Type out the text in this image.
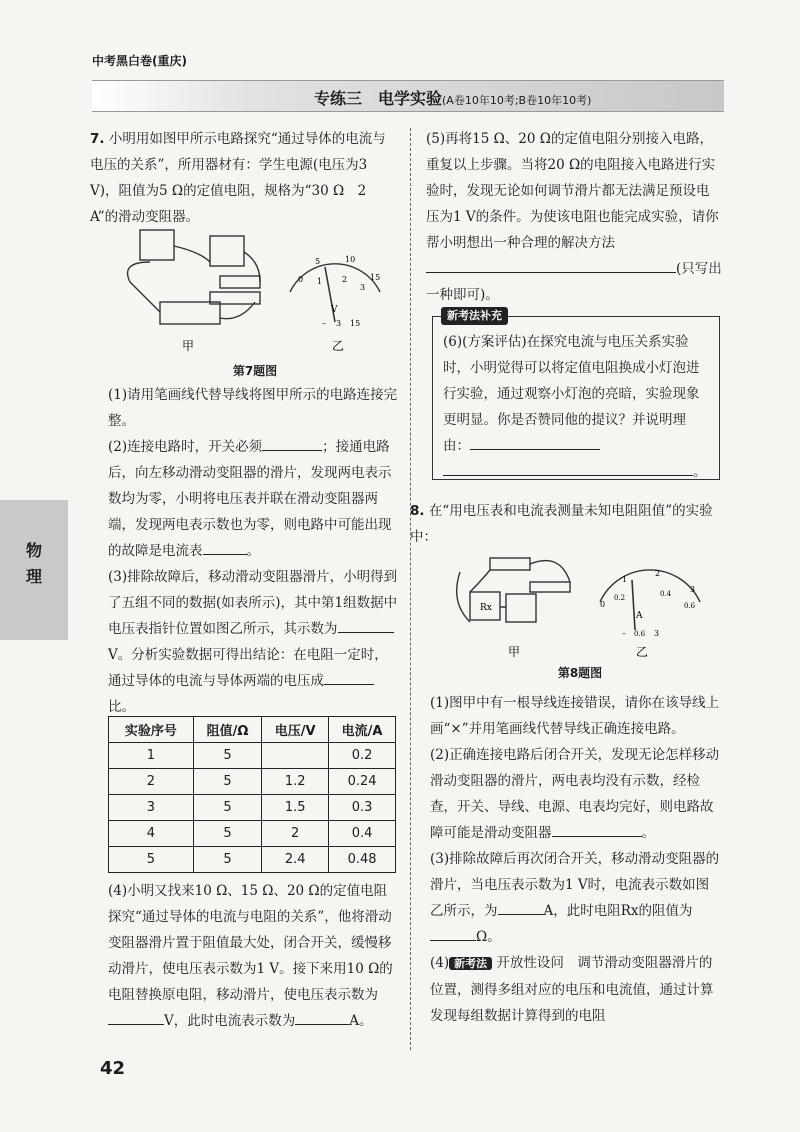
中考黑白卷(重庆)
专练三　电学实验(A卷10年10考;B卷10年10考)
物
理

7. 小明用如图甲所示电路探究“通过导体的电流与电压的关系”，所用器材有：学生电源(电压为3 V)，阻值为5 Ω的定值电阻，规格为“30 Ω　2 A”的滑动变阻器。

0
5	10
15
1 2
3
V
– 3 15
甲	乙
第7题图

(1)请用笔画线代替导线将图甲所示的电路连接完整。

(2)连接电路时，开关必须	；接通电路后，向左移动滑动变阻器的滑片，发现两电表示数均为零，小明将电压表并联在滑动变阻器两端，发现两电表示数也为零，则电路中可能出现的故障是电流表	。

(3)排除故障后，移动滑动变阻器滑片，小明得到了五组不同的数据(如表所示)，其中第1组数据中电压表指针位置如图乙所示，其示数为V。分析实验数据可得出结论：在电阻一定时，通过导体的电流与导体两端的电压成比。

实验序号	阻值/Ω	电压/V	电流/A
1	5		0.2
2	5	1.2	0.24
3	5	1.5	0.3
4	5	2	0.4
5	5	2.4	0.48

(4)小明又找来10 Ω、15 Ω、20 Ω的定值电阻探究“通过导体的电流与电阻的关系”，他将滑动变阻器滑片置于阻值最大处，闭合开关，缓慢移动滑片，使电压表示数为1 V。接下来用10 Ω的电阻替换原电阻，移动滑片，使电压表示数为V，此时电流表示数为	A。

42

(5)再将15 Ω、20 Ω的定值电阻分别接入电路，重复以上步骤。当将20 Ω的电阻接入电路进行实验时，发现无论如何调节滑片都无法满足预设电压为1 V的条件。为使该电阻也能完成实验，请你帮小明想出一种合理的解决方法(只写出一种即可)。

新考法补充

(6)(方案评估)在探究电流与电压关系实验时，小明觉得可以将定值电阻换成小灯泡进行实验，通过观察小灯泡的亮暗，实验现象更明显。你是否赞同他的提议？并说明理由：。

8. 在“用电压表和电流表测量未知电阻阻值”的实验中：

Rx	0
1
2
3
0.2	0.4
0.6
A
– 0.6 3
甲	乙
第8题图

(1)图甲中有一根导线连接错误，请你在该导线上画“×”并用笔画线代替导线正确连接电路。

(2)正确连接电路后闭合开关，发现无论怎样移动滑动变阻器的滑片，两电表均没有示数，经检查，开关、导线、电源、电表均完好，则电路故障可能是滑动变阻器	。

(3)排除故障后再次闭合开关，移动滑动变阻器的滑片，当电压表示数为1 V时，电流表示数如图乙所示，为	A，此时电阻Rx的阻值为Ω。

(4) 新考法 开放性设问　调节滑动变阻器滑片的位置，测得多组对应的电压和电流值，通过计算发现每组数据计算得到的电阻
